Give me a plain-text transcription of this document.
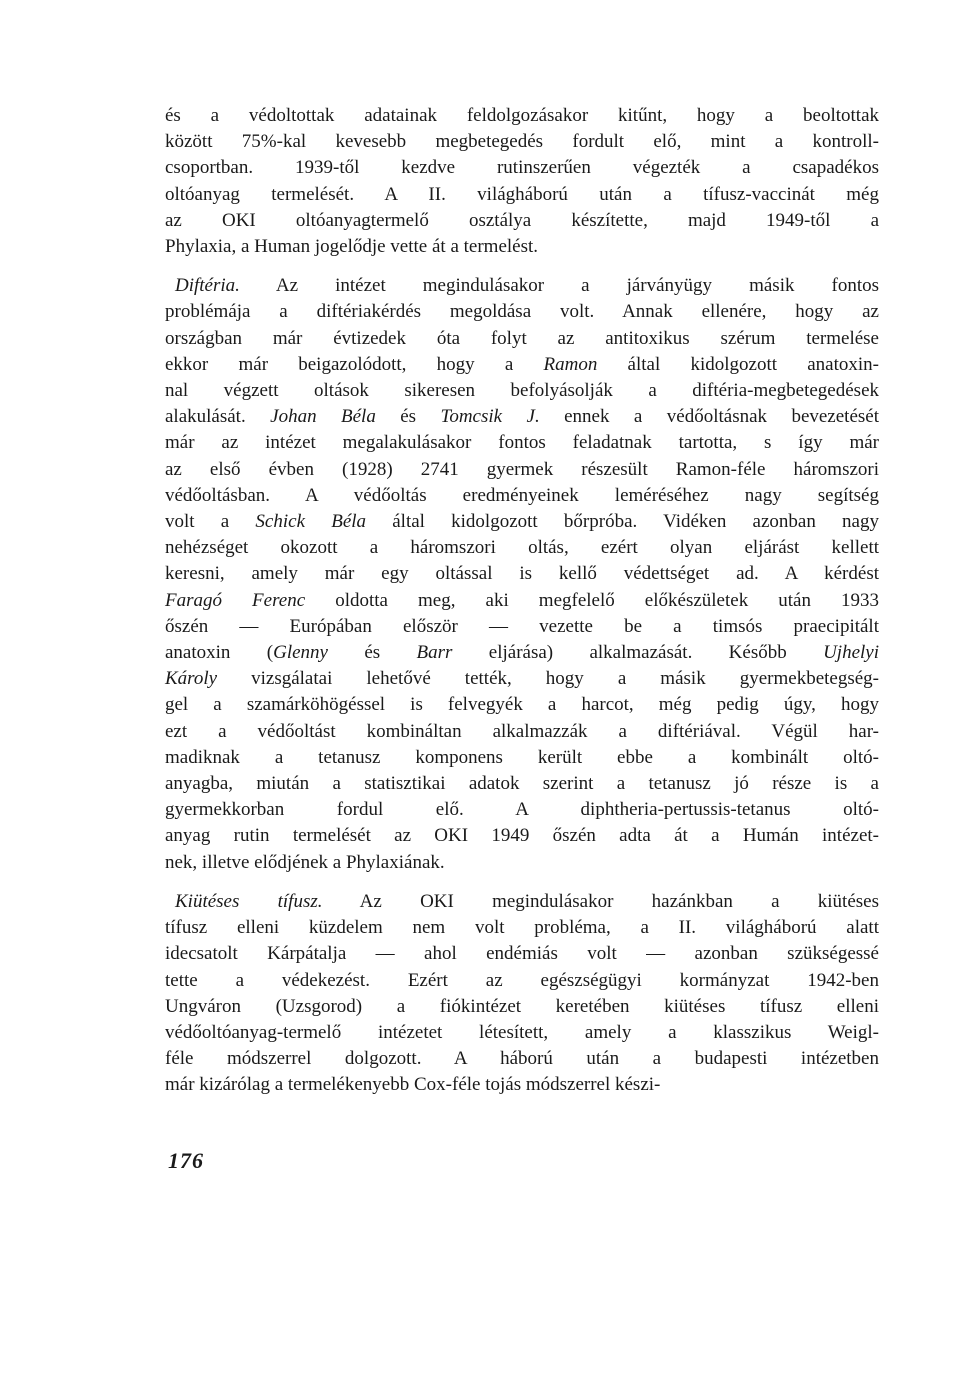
és a védoltottak adatainak feldolgozásakor kitűnt, hogy a beoltottak
között 75%-kal kevesebb megbetegedés fordult elő, mint a kontroll-
csoportban. 1939-től kezdve rutinszerűen végezték a csapadékos
oltóanyag termelését. A II. világháború után a tífusz-vaccinát még
az OKI oltóanyagtermelő osztálya készítette, majd 1949-től a
Phylaxia, a Human jogelődje vette át a termelést.
Diftéria. Az intézet megindulásakor a járványügy másik fontos
problémája a diftériakérdés megoldása volt. Annak ellenére, hogy az
országban már évtizedek óta folyt az antitoxikus szérum termelése
ekkor már beigazolódott, hogy a Ramon által kidolgozott anatoxin-
nal végzett oltások sikeresen befolyásolják a diftéria-megbetegedések
alakulását. Johan Béla és Tomcsik J. ennek a védőoltásnak bevezetését
már az intézet megalakulásakor fontos feladatnak tartotta, s így már
az első évben (1928) 2741 gyermek részesült Ramon-féle háromszori
védőoltásban. A védőoltás eredményeinek leméréséhez nagy segítség
volt a Schick Béla által kidolgozott bőrpróba. Vidéken azonban nagy
nehézséget okozott a háromszori oltás, ezért olyan eljárást kellett
keresni, amely már egy oltással is kellő védettséget ad. A kérdést
Faragó Ferenc oldotta meg, aki megfelelő előkészületek után 1933
őszén — Európában először — vezette be a timsós praecipitált
anatoxin (Glenny és Barr eljárása) alkalmazását. Később Ujhelyi
Károly vizsgálatai lehetővé tették, hogy a másik gyermekbetegség-
gel a szamárköhögéssel is felvegyék a harcot, még pedig úgy, hogy
ezt a védőoltást kombináltan alkalmazzák a diftériával. Végül har-
madiknak a tetanusz komponens került ebbe a kombinált oltó-
anyagba, miután a statisztikai adatok szerint a tetanusz jó része is a
gyermekkorban fordul elő. A diphtheria-pertussis-tetanus oltó-
anyag rutin termelését az OKI 1949 őszén adta át a Humán intézet-
nek, illetve elődjének a Phylaxiának.
Kiütéses tífusz. Az OKI megindulásakor hazánkban a kiütéses
tífusz elleni küzdelem nem volt probléma, a II. világháború alatt
idecsatolt Kárpátalja — ahol endémiás volt — azonban szükségessé
tette a védekezést. Ezért az egészségügyi kormányzat 1942-ben
Ungváron (Uzsgorod) a fiókintézet keretében kiütéses tífusz elleni
védőoltóanyag-termelő intézetet létesített, amely a klasszikus Weigl-
féle módszerrel dolgozott. A háború után a budapesti intézetben
már kizárólag a termelékenyebb Cox-féle tojás módszerrel készi-
176
